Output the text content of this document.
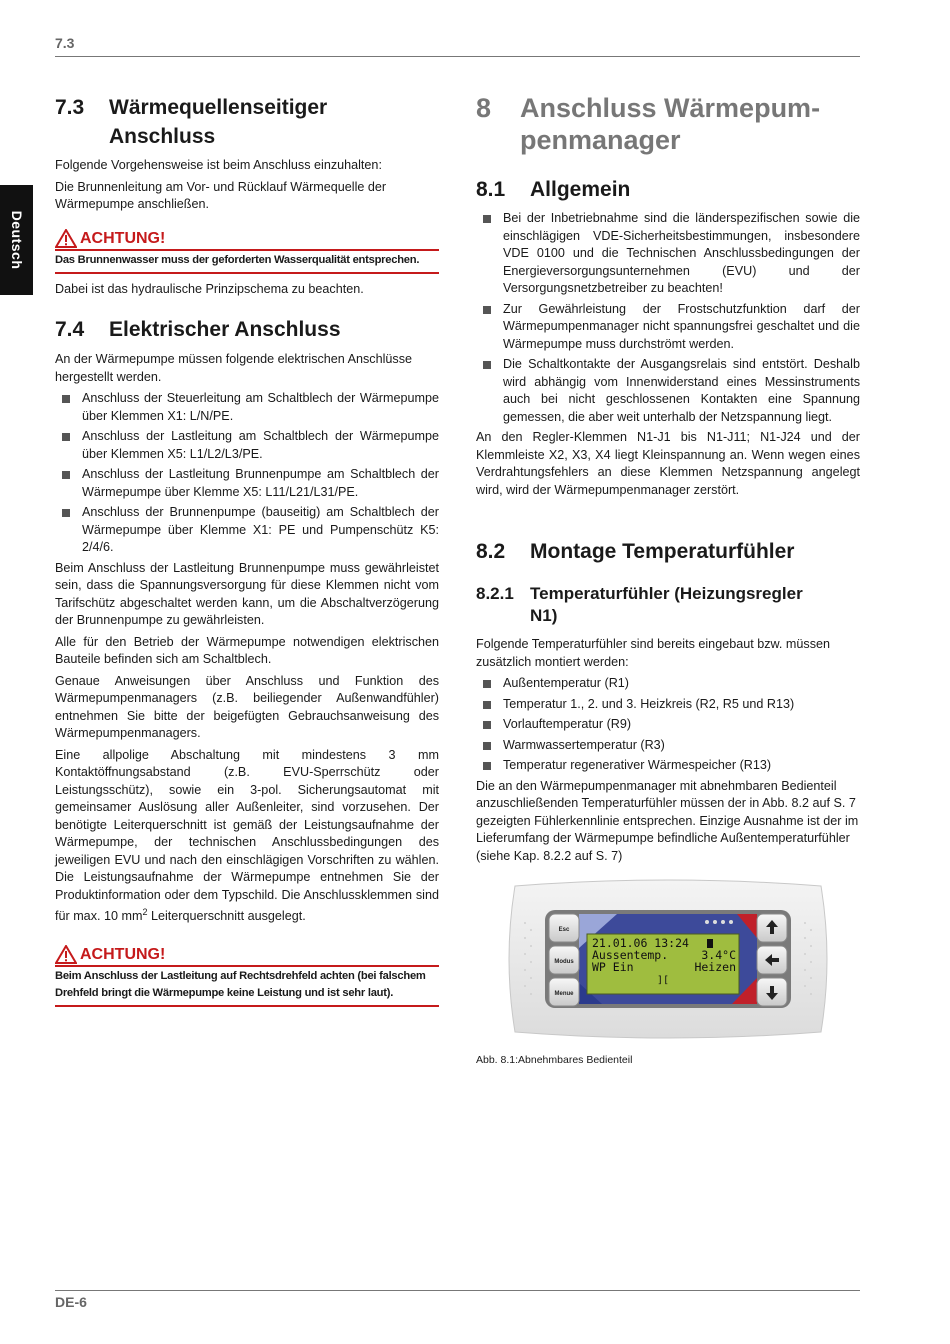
7.3
Deutsch
7.3	Wärmequellenseitiger
Anschluss

Folgende Vorgehensweise ist beim Anschluss einzuhalten:

Die Brunnenleitung am Vor- und Rücklauf Wärmequelle der Wärmepumpe anschließen.

ACHTUNG!
Das Brunnenwasser muss der geforderten Wasserqualität entsprechen.

Dabei ist das hydraulische Prinzipschema zu beachten.

7.4	Elektrischer Anschluss

An der Wärmepumpe müssen folgende elektrischen Anschlüsse hergestellt werden.

Anschluss der Steuerleitung am Schaltblech der Wärmepumpe über Klemmen X1: L/N/PE.
Anschluss der Lastleitung am Schaltblech der Wärmepumpe über Klemmen X5: L1/L2/L3/PE.
Anschluss der Lastleitung Brunnenpumpe am Schaltblech der Wärmepumpe über Klemme X5: L11/L21/L31/PE.
Anschluss der Brunnenpumpe (bauseitig) am Schaltblech der Wärmepumpe über Klemme X1: PE und Pumpenschütz K5: 2/4/6.

Beim Anschluss der Lastleitung Brunnenpumpe muss gewährleistet sein, dass die Spannungsversorgung für diese Klemmen nicht vom Tarifschütz abgeschaltet werden kann, um die Abschaltverzögerung der Brunnenpumpe zu gewährleisten.

Alle für den Betrieb der Wärmepumpe notwendigen elektrischen Bauteile befinden sich am Schaltblech.

Genaue Anweisungen über Anschluss und Funktion des Wärmepumpenmanagers (z.B. beiliegender Außenwandfühler) entnehmen Sie bitte der beigefügten Gebrauchsanweisung des Wärmepumpenmanagers.

Eine allpolige Abschaltung mit mindestens 3 mm Kontaktöffnungsabstand (z.B. EVU-Sperrschütz oder Leistungsschütz), sowie ein 3-pol. Sicherungsautomat mit gemeinsamer Auslösung aller Außenleiter, sind vorzusehen. Der benötigte Leiterquerschnitt ist gemäß der Leistungsaufnahme der Wärmepumpe, der technischen Anschlussbedingungen des jeweiligen EVU und nach den einschlägigen Vorschriften zu wählen. Die Leistungsaufnahme der Wärmepumpe entnehmen Sie der Produktinformation oder dem Typschild. Die Anschlussklemmen sind für max. 10 $mm^2$ Leiterquerschnitt ausgelegt.

ACHTUNG!
Beim Anschluss der Lastleitung auf Rechtsdrehfeld achten (bei falschem Drehfeld bringt die Wärmepumpe keine Leistung und ist sehr laut).
8	Anschluss Wärmepum-
penmanager
8.1	Allgemein
Bei der Inbetriebnahme sind die länderspezifischen sowie die einschlägigen VDE-Sicherheitsbestimmungen, insbesondere VDE 0100 und die Technischen Anschlussbedingungen der Energieversorgungsunternehmen (EVU) und der Versorgungsnetzbetreiber zu beachten!
Zur Gewährleistung der Frostschutzfunktion darf der Wärmepumpenmanager nicht spannungsfrei geschaltet und die Wärmepumpe muss durchströmt werden.
Die Schaltkontakte der Ausgangsrelais sind entstört. Deshalb wird abhängig vom Innenwiderstand eines Messinstruments auch bei nicht geschlossenen Kontakten eine Spannung gemessen, die aber weit unterhalb der Netzspannung liegt.

An den Regler-Klemmen N1-J1 bis N1-J11; N1-J24 und der Klemmleiste X2, X3, X4 liegt Kleinspannung an. Wenn wegen eines Verdrahtungsfehlers an diese Klemmen Netzspannung angelegt wird, wird der Wärmepumpenmanager zerstört.

8.2	Montage Temperaturfühler
8.2.1 Temperaturfühler (Heizungsregler
N1)

Folgende Temperaturfühler sind bereits eingebaut bzw. müssen zusätzlich montiert werden:

Außentemperatur (R1)
Temperatur 1., 2. und 3. Heizkreis (R2, R5 und R13)
Vorlauftemperatur (R9)
Warmwassertemperatur (R3)
Temperatur regenerativer Wärmespeicher (R13)

Die an den Wärmepumpenmanager mit abnehmbaren Bedienteil anzuschließenden Temperaturfühler müssen der in Abb. 8.2 auf S. 7 gezeigten Fühlerkennlinie entsprechen. Einzige Ausnahme ist der im Lieferumfang der Wärmepumpe befindliche Außentemperaturfühler (siehe Kap. 8.2.2 auf S. 7)

Abb. 8.1:Abnehmbares Bedienteil
Esc
Modus
Menue
21.01.06 13:24
Aussentemp.	3.4°C
WP Ein	Heizen
][
DE-6
